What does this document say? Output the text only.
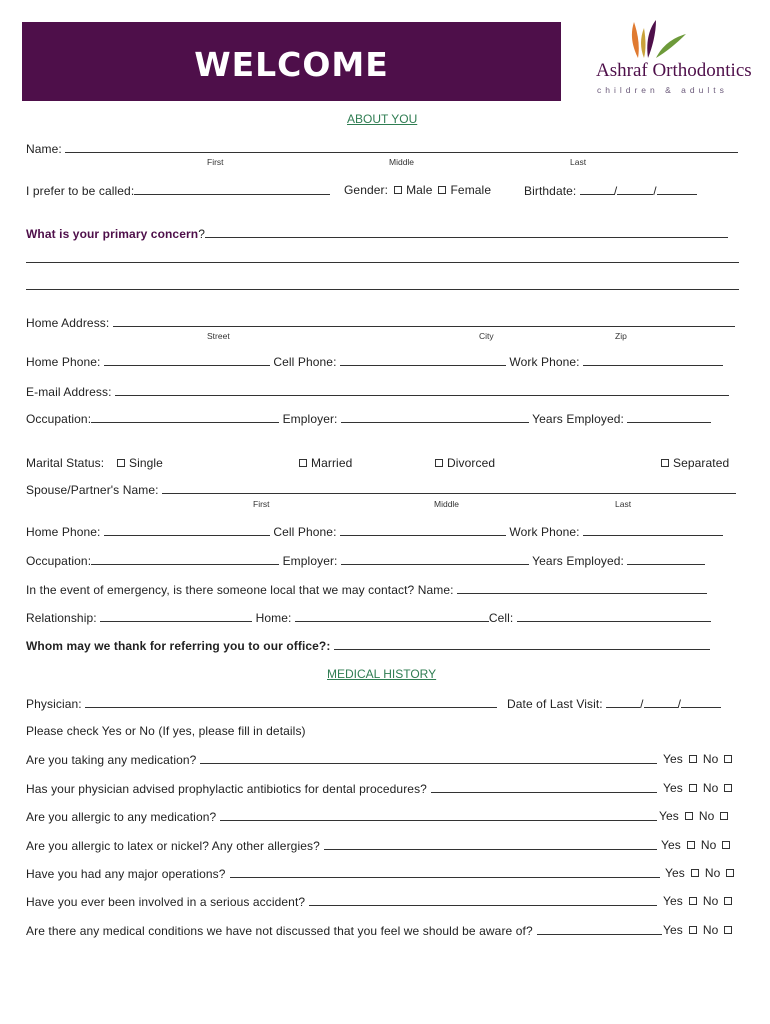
WELCOME	Ashraf Orthodontics
children & adults
ABOUT YOU
Name:
First	Middle	Last
I prefer to be called:	Gender: Male Female	Birthdate:	/	/
What is your primary concern?
Home Address:
Street	City	Zip
Home Phone:	Cell Phone:	Work Phone:
E-mail Address:
Occupation:	Employer:	Years Employed:
Marital Status:	Single	Married	Divorced	Separated
Spouse/Partner's Name:
First	Middle	Last
Home Phone:	Cell Phone:	Work Phone:
Occupation:	Employer:	Years Employed:
In the event of emergency, is there someone local that we may contact? Name:
Relationship:	Home:	Cell:
Whom may we thank for referring you to our office?:
MEDICAL HISTORY
Physician:	Date of Last Visit:	/	/
Please check Yes or No (If yes, please fill in details)
Are you taking any medication?	Yes No
Has your physician advised prophylactic antibiotics for dental procedures?	Yes No
Are you allergic to any medication?	Yes No
Are you allergic to latex or nickel? Any other allergies?	Yes No
Have you had any major operations?	Yes No
Have you ever been involved in a serious accident?	Yes No
Are there any medical conditions we have not discussed that you feel we should be aware of?	Yes No
